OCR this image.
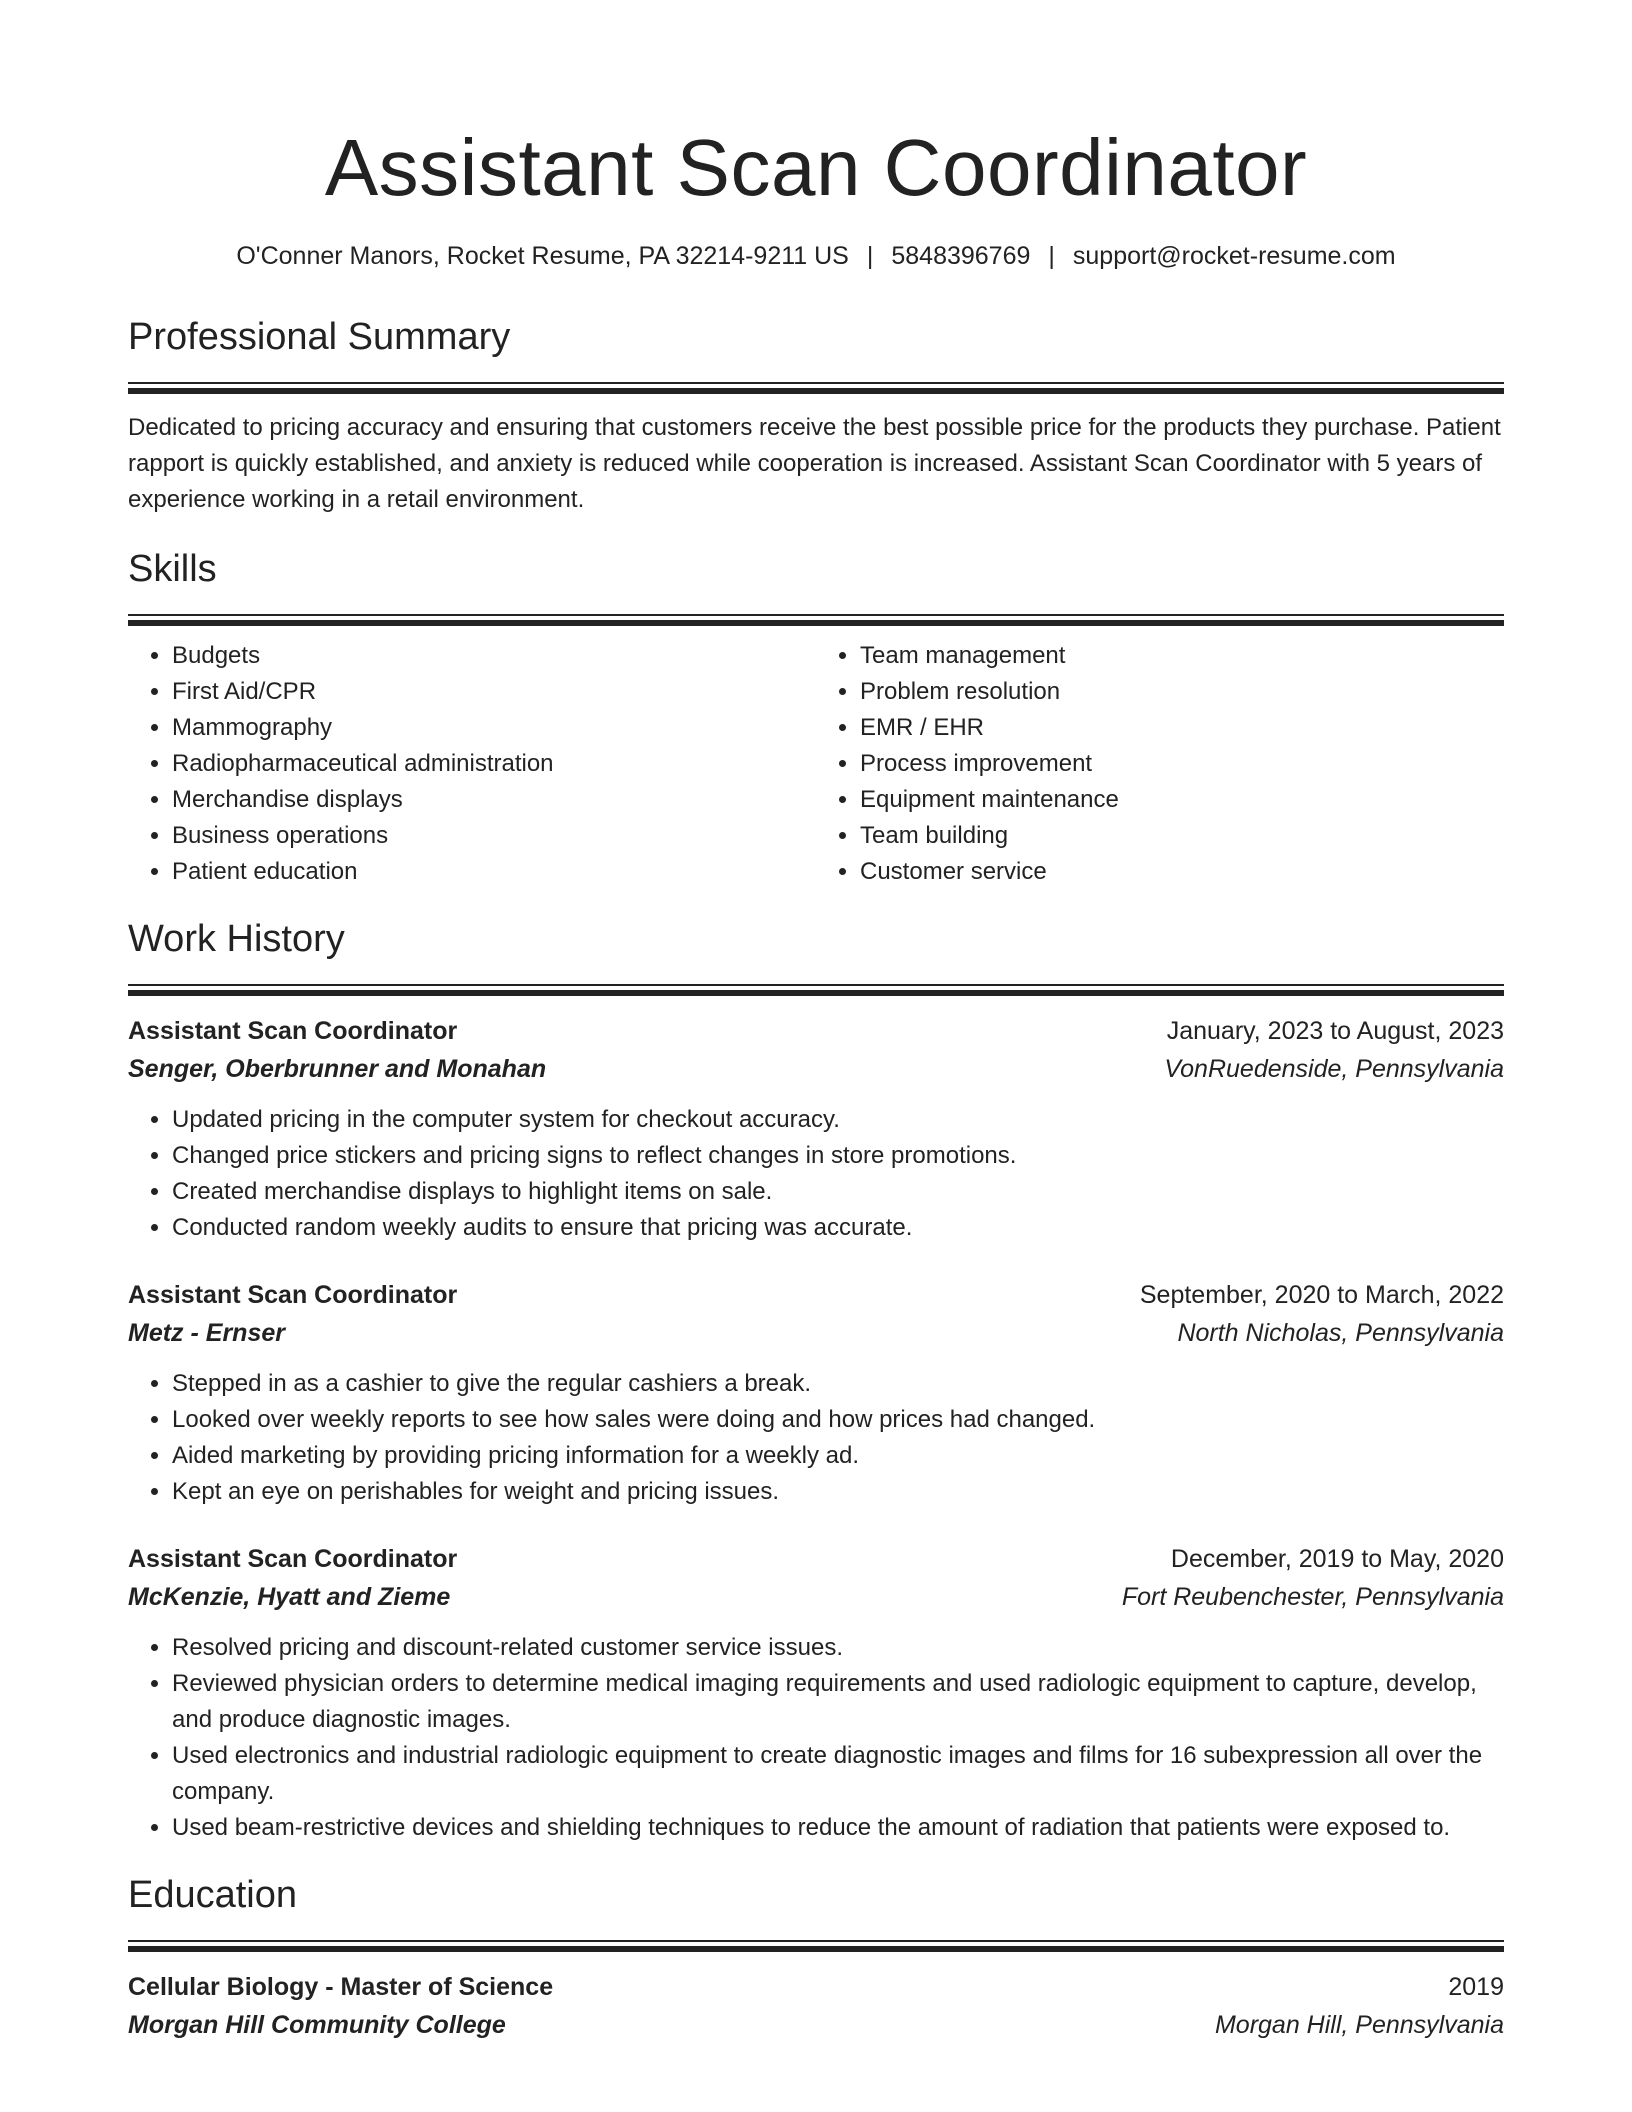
Assistant Scan Coordinator
O'Conner Manors, Rocket Resume, PA 32214-9211 US | 5848396769 | support@rocket-resume.com
Professional Summary

Dedicated to pricing accuracy and ensuring that customers receive the best possible price for the products they purchase. Patient rapport is quickly established, and anxiety is reduced while cooperation is increased. Assistant Scan Coordinator with 5 years of experience working in a retail environment.

Skills
• Budgets
• First Aid/CPR
• Mammography
• Radiopharmaceutical administration
• Merchandise displays
• Business operations
• Patient education
• Team management
• Problem resolution
• EMR / EHR
• Process improvement
• Equipment maintenance
• Team building
• Customer service
Work History
Assistant Scan Coordinator	January, 2023 to August, 2023
Senger, Oberbrunner and Monahan	VonRuedenside, Pennsylvania
• Updated pricing in the computer system for checkout accuracy.
• Changed price stickers and pricing signs to reflect changes in store promotions.
• Created merchandise displays to highlight items on sale.
• Conducted random weekly audits to ensure that pricing was accurate.
Assistant Scan Coordinator	September, 2020 to March, 2022
Metz - Ernser	North Nicholas, Pennsylvania
• Stepped in as a cashier to give the regular cashiers a break.
• Looked over weekly reports to see how sales were doing and how prices had changed.
• Aided marketing by providing pricing information for a weekly ad.
• Kept an eye on perishables for weight and pricing issues.
Assistant Scan Coordinator	December, 2019 to May, 2020
McKenzie, Hyatt and Zieme	Fort Reubenchester, Pennsylvania
• Resolved pricing and discount-related customer service issues.
• Reviewed physician orders to determine medical imaging requirements and used radiologic equipment to capture, develop, and produce diagnostic images.
• Used electronics and industrial radiologic equipment to create diagnostic images and films for 16 subexpression all over the company.
• Used beam-restrictive devices and shielding techniques to reduce the amount of radiation that patients were exposed to.
Education
Cellular Biology - Master of Science	2019
Morgan Hill Community College	Morgan Hill, Pennsylvania
